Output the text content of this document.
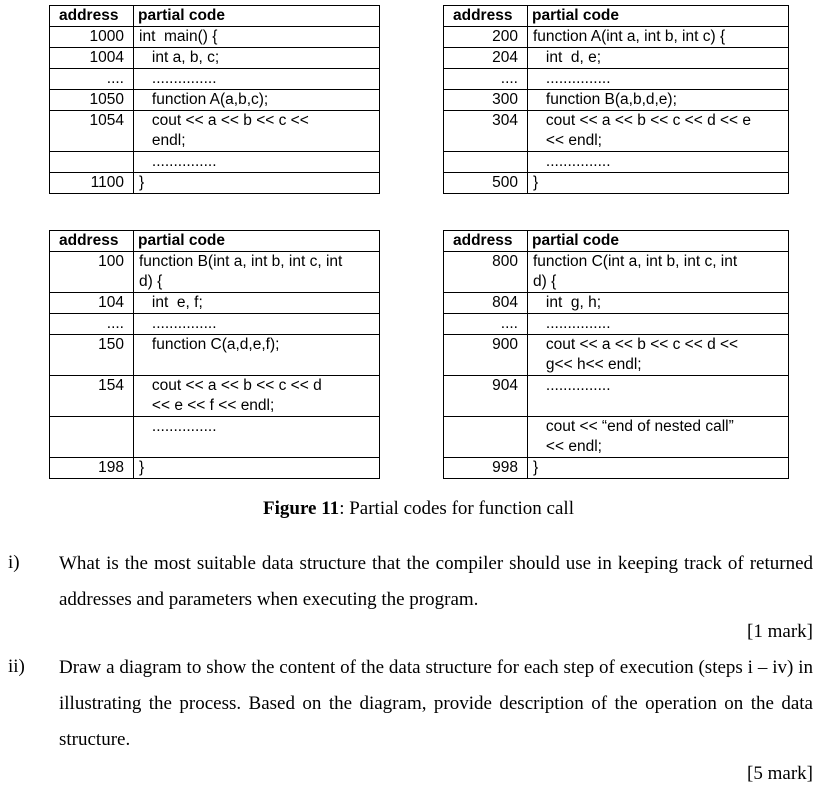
address	partial code
1000	int  main() {
1004	int a, b, c;
....	...............
1050	function A(a,b,c);
1054	cout << a << b << c <<
endl;
	...............
1100	}
address	partial code
200	function A(int a, int b, int c) {
204	int  d, e;
....	...............
300	function B(a,b,d,e);
304	cout << a << b << c << d << e
<< endl;
	...............
500	}
address	partial code
100	function B(int a, int b, int c, int
d) {
104	int  e, f;
....	...............
150	function C(a,d,e,f);
154	cout << a << b << c << d
<< e << f << endl;
	...............
198	}
address	partial code
800	function C(int a, int b, int c, int
d) {
804	int  g, h;
....	...............
900	cout << a << b << c << d <<
g<< h<< endl;
904	...............
	cout << “end of nested call”
<< endl;
998	}
Figure 11: Partial codes for function call
i) What is the most suitable data structure that the compiler should use in keeping track of returned addresses and parameters when executing the program.
[1 mark]
ii) Draw a diagram to show the content of the data structure for each step of execution (steps i – iv) in illustrating the process. Based on the diagram, provide description of the operation on the data structure.
[5 mark]
